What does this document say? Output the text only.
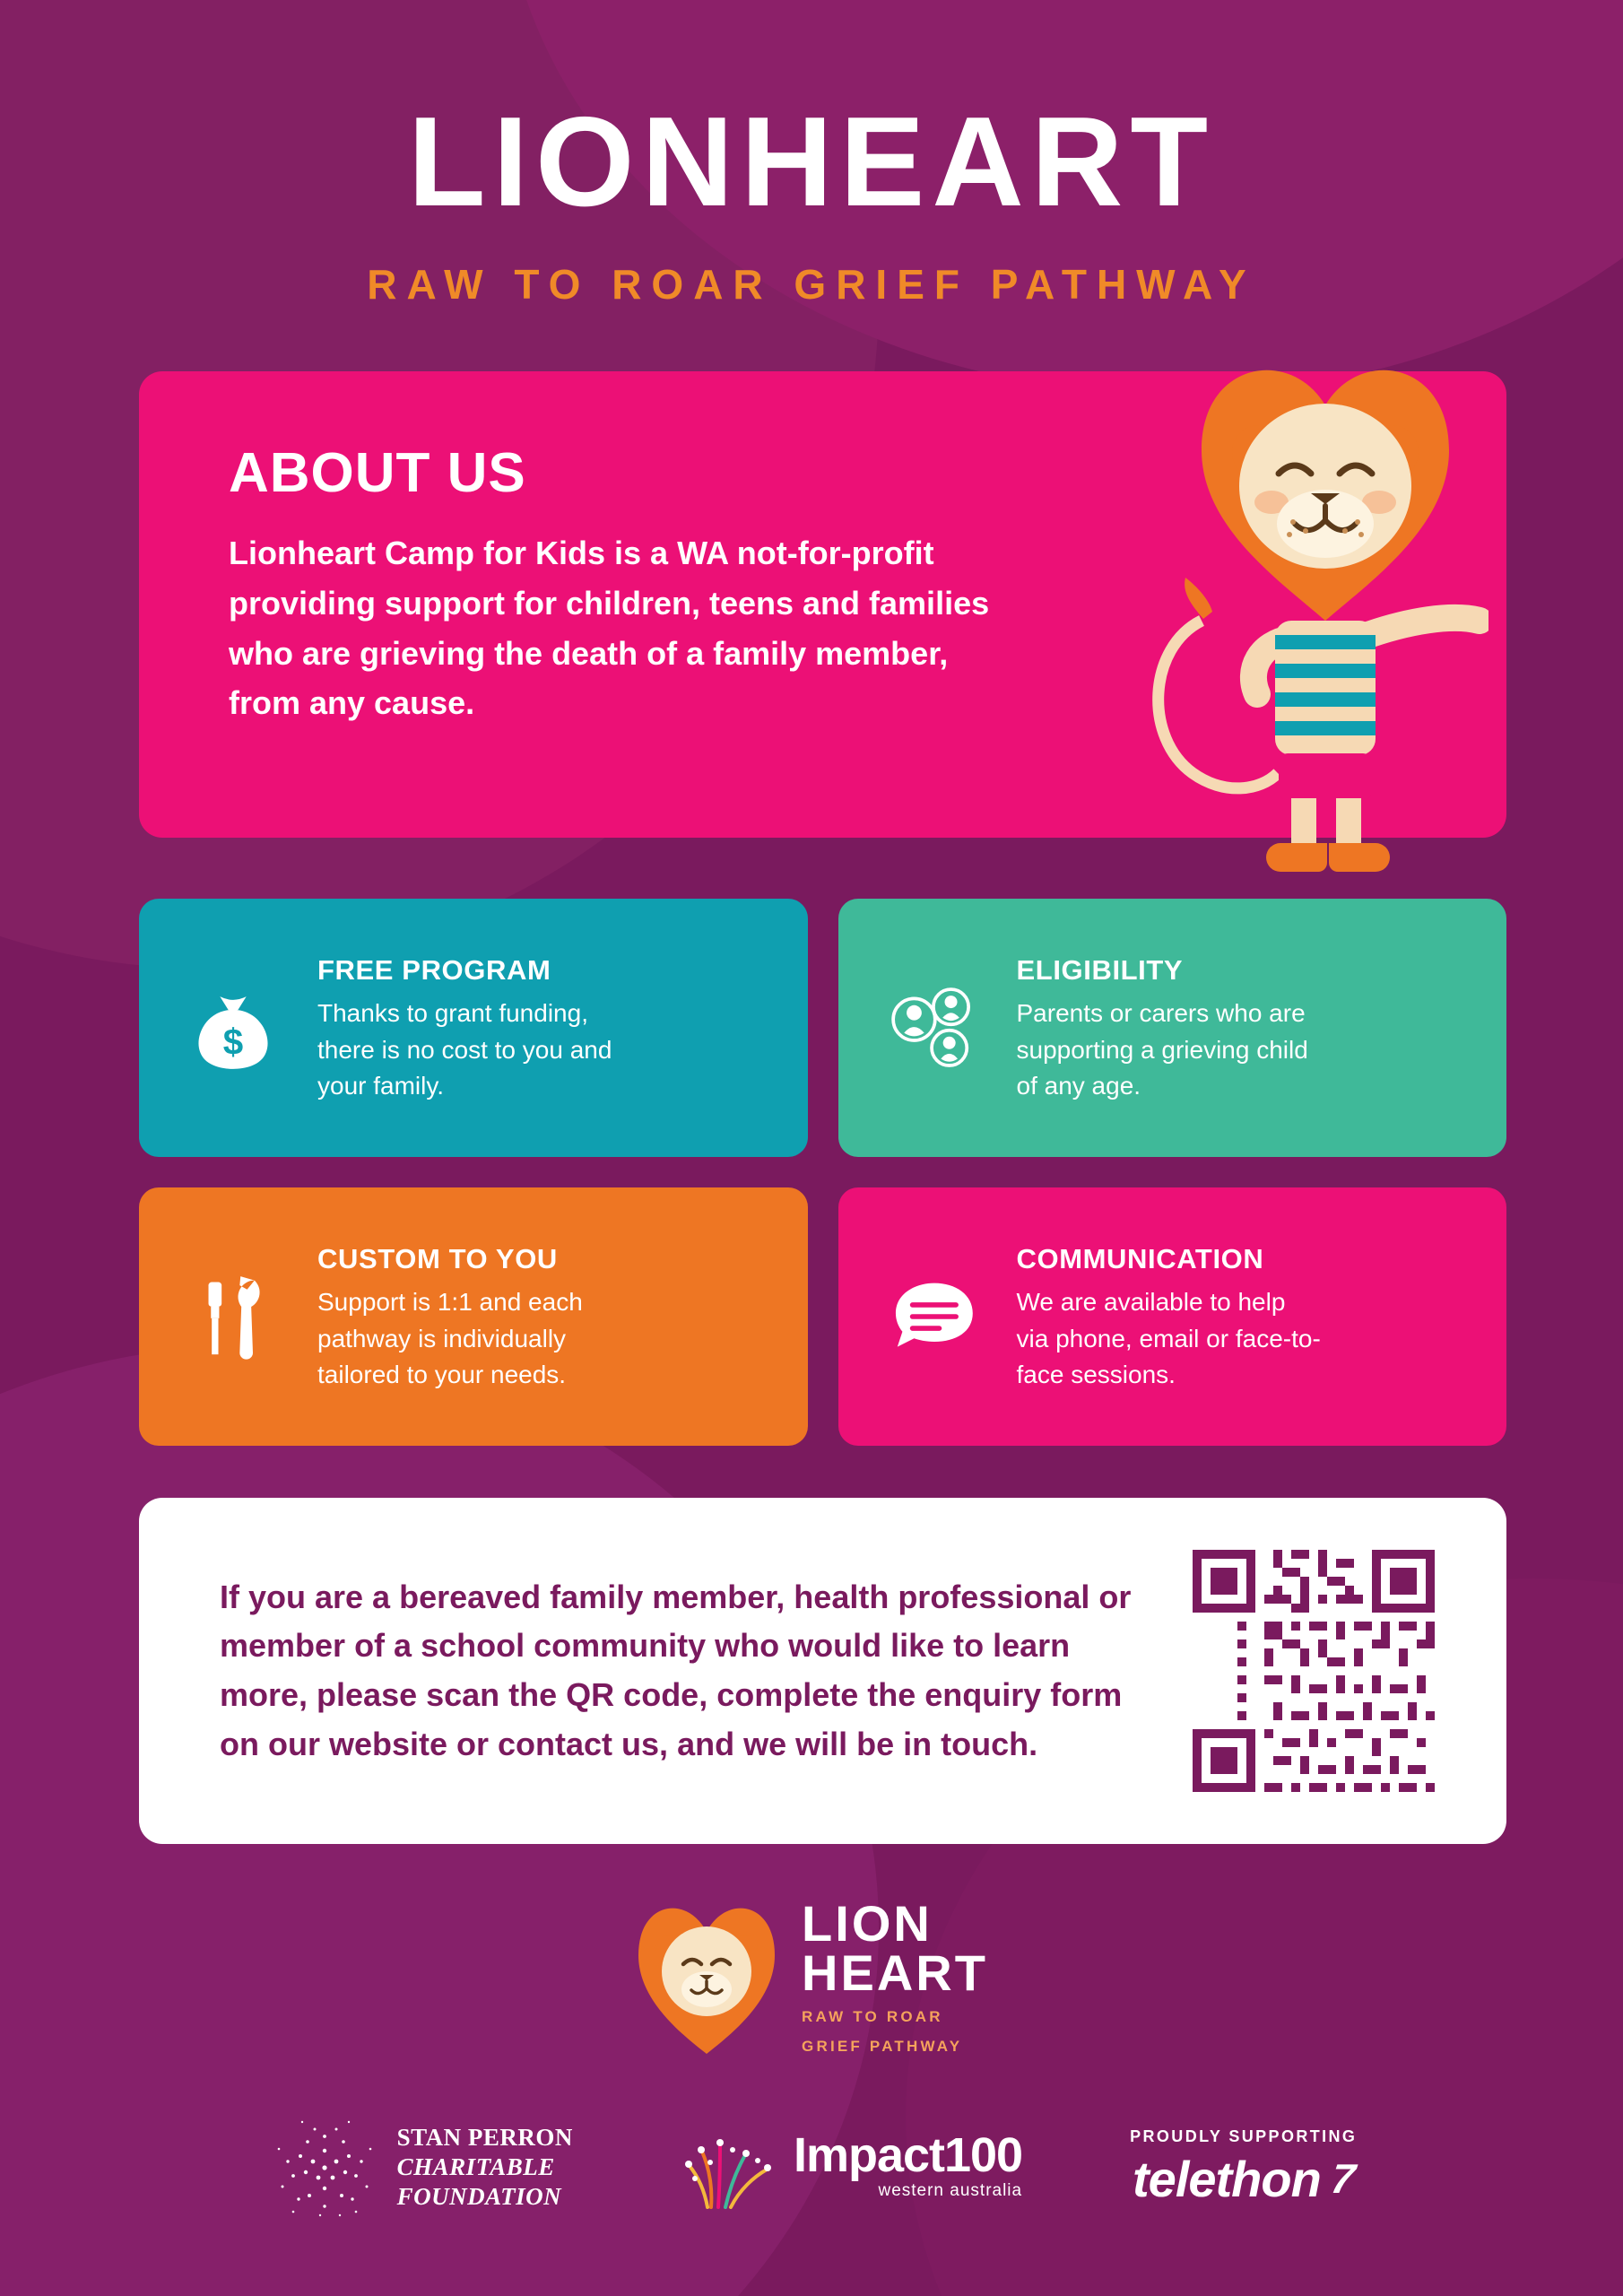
LIONHEART
RAW TO ROAR GRIEF PATHWAY
ABOUT US
Lionheart Camp for Kids is a WA not-for-profit providing support for children, teens and families who are grieving the death of a family member, from any cause.
$
FREE PROGRAM

Thanks to grant funding, there is no cost to you and your family.

ELIGIBILITY

Parents or carers who are supporting a grieving child of any age.

CUSTOM TO YOU

Support is 1:1 and each pathway is individually tailored to your needs.

COMMUNICATION

We are available to help via phone, email or face-to-face sessions.

If you are a bereaved family member, health professional or member of a school community who would like to learn more, please scan the QR code, complete the enquiry form on our website or contact us, and we will be in touch.
LION
HEART
RAW TO ROAR
GRIEF PATHWAY
STAN PERRON
CHARITABLE
FOUNDATION
Impact100
western australia
PROUDLY SUPPORTING
telethon 7
